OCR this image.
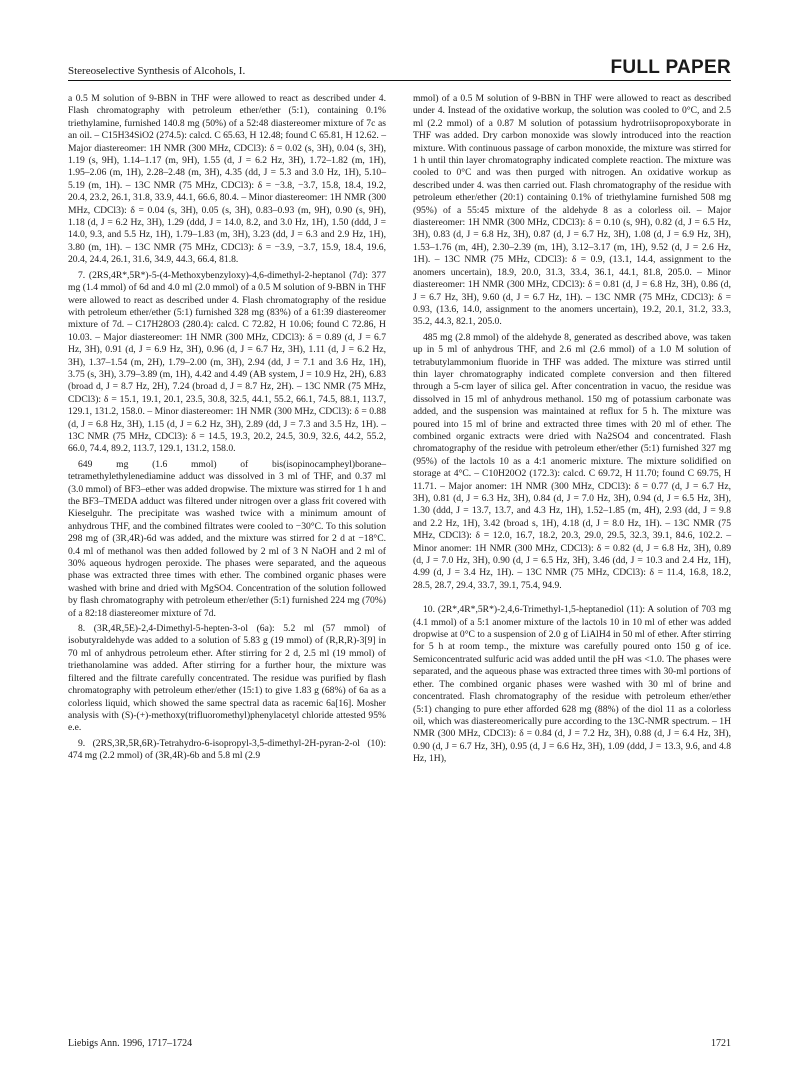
Stereoselective Synthesis of Alcohols, I.	FULL PAPER

a 0.5 M solution of 9-BBN in THF were allowed to react as described under 4. Flash chromatography with petroleum ether/ether (5:1), containing 0.1% triethylamine, furnished 140.8 mg (50%) of a 52:48 diastereomer mixture of 7c as an oil. – C15H34SiO2 (274.5): calcd. C 65.63, H 12.48; found C 65.81, H 12.62. – Major diastereomer: 1H NMR (300 MHz, CDCl3): δ = 0.02 (s, 3H), 0.04 (s, 3H), 1.19 (s, 9H), 1.14–1.17 (m, 9H), 1.55 (d, J = 6.2 Hz, 3H), 1.72–1.82 (m, 1H), 1.95–2.06 (m, 1H), 2.28–2.48 (m, 3H), 4.35 (dd, J = 5.3 and 3.0 Hz, 1H), 5.10–5.19 (m, 1H). – 13C NMR (75 MHz, CDCl3): δ = −3.8, −3.7, 15.8, 18.4, 19.2, 20.4, 23.2, 26.1, 31.8, 33.9, 44.1, 66.6, 80.4. – Minor diastereomer: 1H NMR (300 MHz, CDCl3): δ = 0.04 (s, 3H), 0.05 (s, 3H), 0.83–0.93 (m, 9H), 0.90 (s, 9H), 1.18 (d, J = 6.2 Hz, 3H), 1.29 (ddd, J = 14.0, 8.2, and 3.0 Hz, 1H), 1.50 (ddd, J = 14.0, 9.3, and 5.5 Hz, 1H), 1.79–1.83 (m, 3H), 3.23 (dd, J = 6.3 and 2.9 Hz, 1H), 3.80 (m, 1H). – 13C NMR (75 MHz, CDCl3): δ = −3.9, −3.7, 15.9, 18.4, 19.6, 20.4, 24.4, 26.1, 31.6, 34.9, 44.3, 66.4, 81.8.

7. (2RS,4R*,5R*)-5-(4-Methoxybenzyloxy)-4,6-dimethyl-2-heptanol (7d): 377 mg (1.4 mmol) of 6d and 4.0 ml (2.0 mmol) of a 0.5 M solution of 9-BBN in THF were allowed to react as described under 4. Flash chromatography of the residue with petroleum ether/ether (5:1) furnished 328 mg (83%) of a 61:39 diastereomer mixture of 7d. – C17H28O3 (280.4): calcd. C 72.82, H 10.06; found C 72.86, H 10.03. – Major diastereomer: 1H NMR (300 MHz, CDCl3): δ = 0.89 (d, J = 6.7 Hz, 3H), 0.91 (d, J = 6.9 Hz, 3H), 0.96 (d, J = 6.7 Hz, 3H), 1.11 (d, J = 6.2 Hz, 3H), 1.37–1.54 (m, 2H), 1.79–2.00 (m, 3H), 2.94 (dd, J = 7.1 and 3.6 Hz, 1H), 3.75 (s, 3H), 3.79–3.89 (m, 1H), 4.42 and 4.49 (AB system, J = 10.9 Hz, 2H), 6.83 (broad d, J = 8.7 Hz, 2H), 7.24 (broad d, J = 8.7 Hz, 2H). – 13C NMR (75 MHz, CDCl3): δ = 15.1, 19.1, 20.1, 23.5, 30.8, 32.5, 44.1, 55.2, 66.1, 74.5, 88.1, 113.7, 129.1, 131.2, 158.0. – Minor diastereomer: 1H NMR (300 MHz, CDCl3): δ = 0.88 (d, J = 6.8 Hz, 3H), 1.15 (d, J = 6.2 Hz, 3H), 2.89 (dd, J = 7.3 and 3.5 Hz, 1H). – 13C NMR (75 MHz, CDCl3): δ = 14.5, 19.3, 20.2, 24.5, 30.9, 32.6, 44.2, 55.2, 66.0, 74.4, 89.2, 113.7, 129.1, 131.2, 158.0.

649 mg (1.6 mmol) of bis(isopinocampheyl)borane–tetramethylethylenediamine adduct was dissolved in 3 ml of THF, and 0.37 ml (3.0 mmol) of BF3–ether was added dropwise. The mixture was stirred for 1 h and the BF3–TMEDA adduct was filtered under nitrogen over a glass frit covered with Kieselguhr. The precipitate was washed twice with a minimum amount of anhydrous THF, and the combined filtrates were cooled to −30°C. To this solution 298 mg of (3R,4R)-6d was added, and the mixture was stirred for 2 d at −18°C. 0.4 ml of methanol was then added followed by 2 ml of 3 N NaOH and 2 ml of 30% aqueous hydrogen peroxide. The phases were separated, and the aqueous phase was extracted three times with ether. The combined organic phases were washed with brine and dried with MgSO4. Concentration of the solution followed by flash chromatography with petroleum ether/ether (5:1) furnished 224 mg (70%) of a 82:18 diastereomer mixture of 7d.

8. (3R,4R,5E)-2,4-Dimethyl-5-hepten-3-ol (6a): 5.2 ml (57 mmol) of isobutyraldehyde was added to a solution of 5.83 g (19 mmol) of (R,R,R)-3[9] in 70 ml of anhydrous petroleum ether. After stirring for 2 d, 2.5 ml (19 mmol) of triethanolamine was added. After stirring for a further hour, the mixture was filtered and the filtrate carefully concentrated. The residue was purified by flash chromatography with petroleum ether/ether (15:1) to give 1.83 g (68%) of 6a as a colorless liquid, which showed the same spectral data as racemic 6a[16]. Mosher analysis with (S)-(+)-methoxy(trifluoromethyl)phenylacetyl chloride attested 95% e.e.

9. (2RS,3R,5R,6R)-Tetrahydro-6-isopropyl-3,5-dimethyl-2H-pyran-2-ol (10): 474 mg (2.2 mmol) of (3R,4R)-6b and 5.8 ml (2.9

mmol) of a 0.5 M solution of 9-BBN in THF were allowed to react as described under 4. Instead of the oxidative workup, the solution was cooled to 0°C, and 2.5 ml (2.2 mmol) of a 0.87 M solution of potassium hydrotriisopropoxyborate in THF was added. Dry carbon monoxide was slowly introduced into the reaction mixture. With continuous passage of carbon monoxide, the mixture was stirred for 1 h until thin layer chromatography indicated complete reaction. The mixture was cooled to 0°C and was then purged with nitrogen. An oxidative workup as described under 4. was then carried out. Flash chromatography of the residue with petroleum ether/ether (20:1) containing 0.1% of triethylamine furnished 508 mg (95%) of a 55:45 mixture of the aldehyde 8 as a colorless oil. – Major diastereomer: 1H NMR (300 MHz, CDCl3): δ = 0.10 (s, 9H), 0.82 (d, J = 6.5 Hz, 3H), 0.83 (d, J = 6.8 Hz, 3H), 0.87 (d, J = 6.7 Hz, 3H), 1.08 (d, J = 6.9 Hz, 3H), 1.53–1.76 (m, 4H), 2.30–2.39 (m, 1H), 3.12–3.17 (m, 1H), 9.52 (d, J = 2.6 Hz, 1H). – 13C NMR (75 MHz, CDCl3): δ = 0.9, (13.1, 14.4, assignment to the anomers uncertain), 18.9, 20.0, 31.3, 33.4, 36.1, 44.1, 81.8, 205.0. – Minor diastereomer: 1H NMR (300 MHz, CDCl3): δ = 0.81 (d, J = 6.8 Hz, 3H), 0.86 (d, J = 6.7 Hz, 3H), 9.60 (d, J = 6.7 Hz, 1H). – 13C NMR (75 MHz, CDCl3): δ = 0.93, (13.6, 14.0, assignment to the anomers uncertain), 19.2, 20.1, 31.2, 33.3, 35.2, 44.3, 82.1, 205.0.

485 mg (2.8 mmol) of the aldehyde 8, generated as described above, was taken up in 5 ml of anhydrous THF, and 2.6 ml (2.6 mmol) of a 1.0 M solution of tetrabutylammonium fluoride in THF was added. The mixture was stirred until thin layer chromatography indicated complete conversion and then filtered through a 5-cm layer of silica gel. After concentration in vacuo, the residue was dissolved in 15 ml of anhydrous methanol. 150 mg of potassium carbonate was added, and the suspension was maintained at reflux for 5 h. The mixture was poured into 15 ml of brine and extracted three times with 20 ml of ether. The combined organic extracts were dried with Na2SO4 and concentrated. Flash chromatography of the residue with petroleum ether/ether (5:1) furnished 327 mg (95%) of the lactols 10 as a 4:1 anomeric mixture. The mixture solidified on storage at 4°C. – C10H20O2 (172.3): calcd. C 69.72, H 11.70; found C 69.75, H 11.71. – Major anomer: 1H NMR (300 MHz, CDCl3): δ = 0.77 (d, J = 6.7 Hz, 3H), 0.81 (d, J = 6.3 Hz, 3H), 0.84 (d, J = 7.0 Hz, 3H), 0.94 (d, J = 6.5 Hz, 3H), 1.30 (ddd, J = 13.7, 13.7, and 4.3 Hz, 1H), 1.52–1.85 (m, 4H), 2.93 (dd, J = 9.8 and 2.2 Hz, 1H), 3.42 (broad s, 1H), 4.18 (d, J = 8.0 Hz, 1H). – 13C NMR (75 MHz, CDCl3): δ = 12.0, 16.7, 18.2, 20.3, 29.0, 29.5, 32.3, 39.1, 84.6, 102.2. – Minor anomer: 1H NMR (300 MHz, CDCl3): δ = 0.82 (d, J = 6.8 Hz, 3H), 0.89 (d, J = 7.0 Hz, 3H), 0.90 (d, J = 6.5 Hz, 3H), 3.46 (dd, J = 10.3 and 2.4 Hz, 1H), 4.99 (d, J = 3.4 Hz, 1H). – 13C NMR (75 MHz, CDCl3): δ = 11.4, 16.8, 18.2, 28.5, 28.7, 29.4, 33.7, 39.1, 75.4, 94.9.

10. (2R*,4R*,5R*)-2,4,6-Trimethyl-1,5-heptanediol (11): A solution of 703 mg (4.1 mmol) of a 5:1 anomer mixture of the lactols 10 in 10 ml of ether was added dropwise at 0°C to a suspension of 2.0 g of LiAlH4 in 50 ml of ether. After stirring for 5 h at room temp., the mixture was carefully poured onto 150 g of ice. Semiconcentrated sulfuric acid was added until the pH was <1.0. The phases were separated, and the aqueous phase was extracted three times with 30-ml portions of ether. The combined organic phases were washed with 30 ml of brine and concentrated. Flash chromatography of the residue with petroleum ether/ether (5:1) changing to pure ether afforded 628 mg (88%) of the diol 11 as a colorless oil, which was diastereomerically pure according to the 13C-NMR spectrum. – 1H NMR (300 MHz, CDCl3): δ = 0.84 (d, J = 7.2 Hz, 3H), 0.88 (d, J = 6.4 Hz, 3H), 0.90 (d, J = 6.7 Hz, 3H), 0.95 (d, J = 6.6 Hz, 3H), 1.09 (ddd, J = 13.3, 9.6, and 4.8 Hz, 1H),

Liebigs Ann. 1996, 1717–1724	1721
